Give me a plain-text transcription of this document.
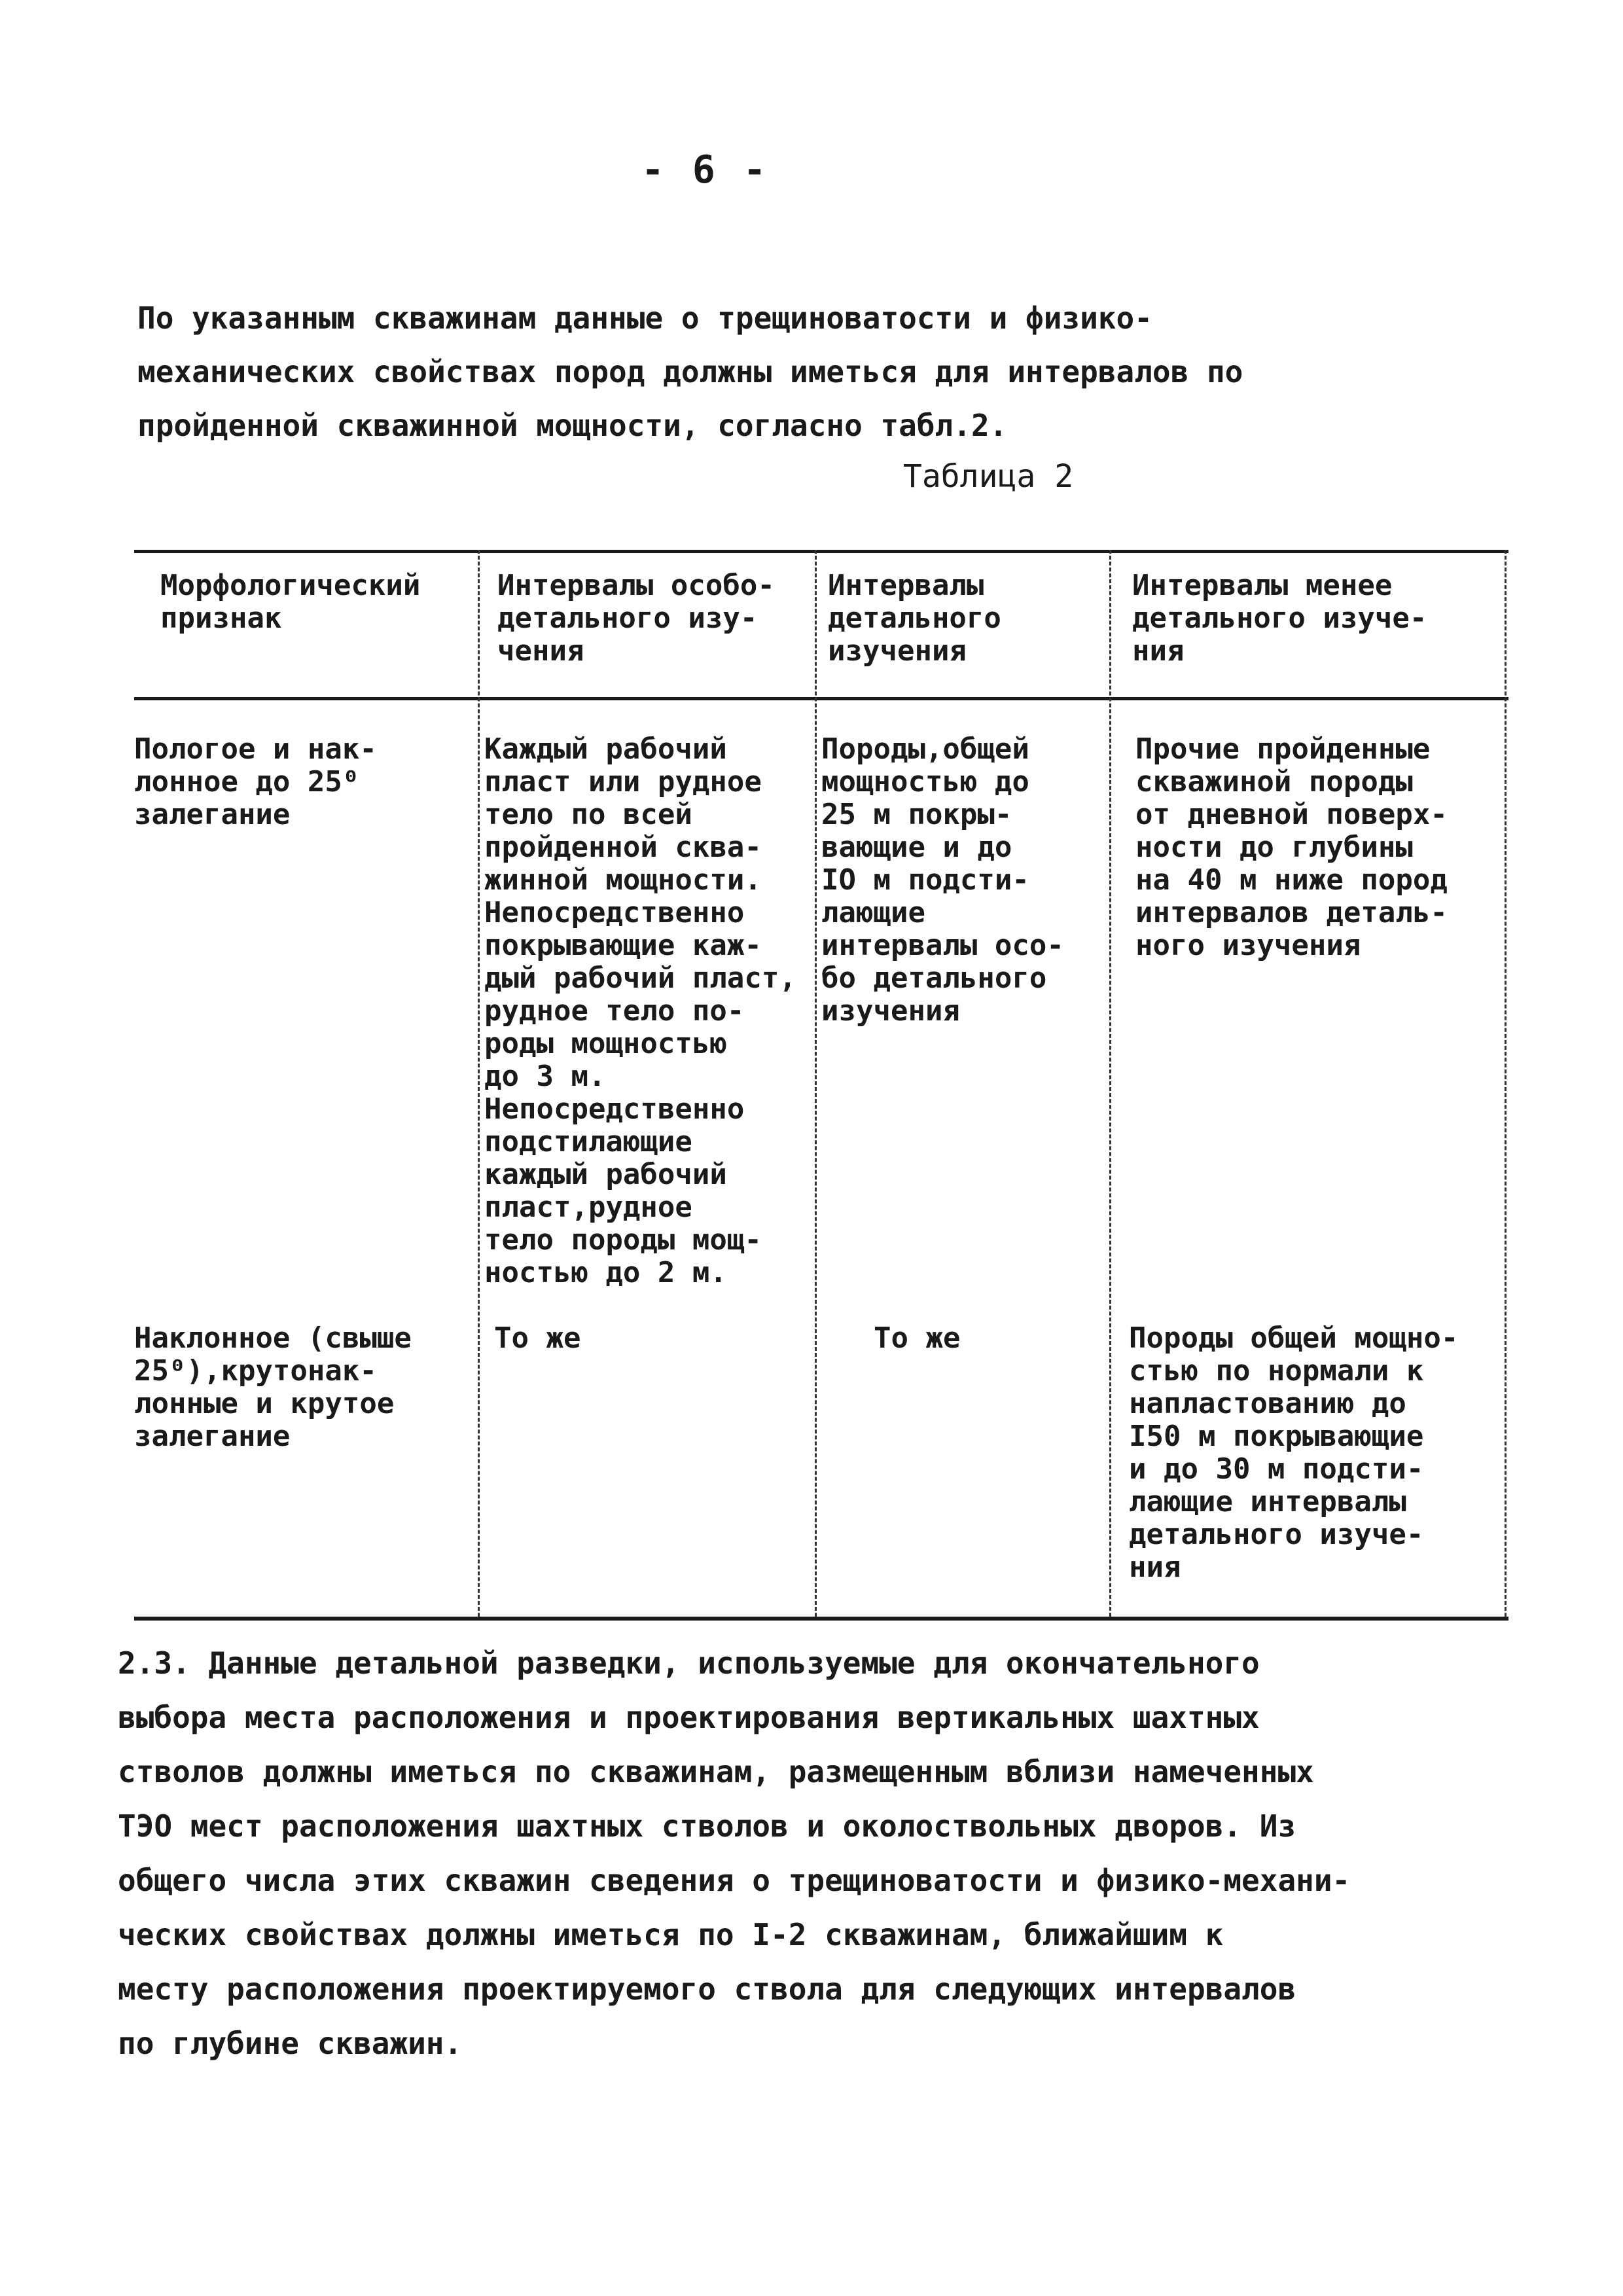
- 6 -

По указанным скважинам данные о трещиноватости и физико-
механических свойствах пород должны иметься для интервалов по
пройденной скважинной мощности, согласно табл.2.

Таблица 2

Морфологический
признак

Интервалы особо-
детального изу-
чения

Интервалы
детального
изучения

Интервалы менее
детального изуче-
ния

Пологое и нак-
лонное до 25⁰
залегание

Каждый рабочий
пласт или рудное
тело по всей
пройденной сква-
жинной мощности.
Непосредственно
покрывающие каж-
дый рабочий пласт,
рудное тело по-
роды мощностью
до 3 м.
Непосредственно
подстилающие
каждый рабочий
пласт,рудное
тело породы мощ-
ностью до 2 м.

Породы,общей
мощностью до
25 м покры-
вающие и до
IO м подсти-
лающие
интервалы осо-
бо детального
изучения

Прочие пройденные
скважиной породы
от дневной поверх-
ности до глубины
на 40 м ниже пород
интервалов деталь-
ного изучения

Наклонное (свыше
25⁰),крутонак-
лонные и крутое
залегание

То же	То же	Породы общей мощно-
стью по нормали к
напластованию до
I50 м покрывающие
и до 30 м подсти-
лающие интервалы
детального изуче-
ния

2.3. Данные детальной разведки, используемые для окончательного
выбора места расположения и проектирования вертикальных шахтных
стволов должны иметься по скважинам, размещенным вблизи намеченных
ТЭО мест расположения шахтных стволов и околоствольных дворов. Из
общего числа этих скважин сведения о трещиноватости и физико-механи-
ческих свойствах должны иметься по I-2 скважинам, ближайшим к
месту расположения проектируемого ствола для следующих интервалов
по глубине скважин.
